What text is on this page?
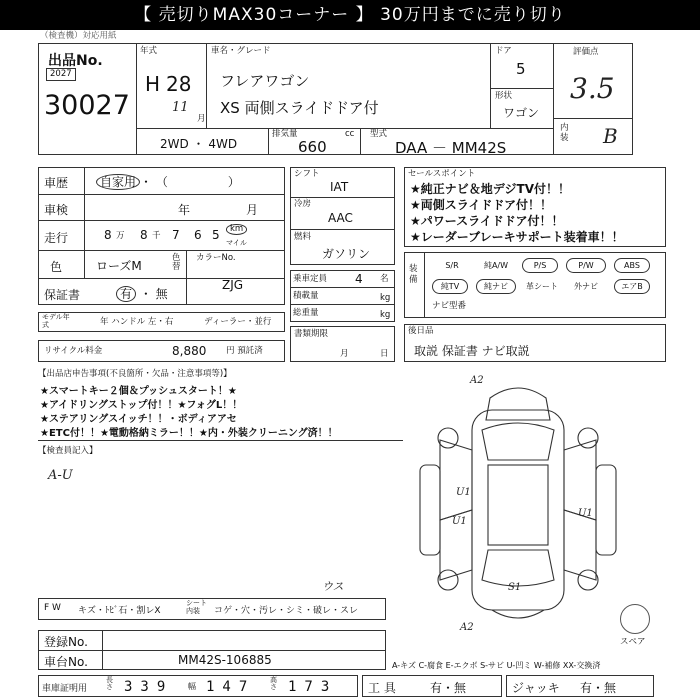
【 売切りMAX30コーナー 】 30万円までに売り切り
（検査機）対応用紙
出品No.
2027
30027
年式
H 28
11
月
車名・グレード
フレアワゴン
XS 両側スライドドア付
ドア
5
形状
ワゴン
評価点
3.5
内装 B
2WD ・ 4WD
排気量	cc
660
型式
DAA － MM42S
車歴	自家用 ・ （　　　　　）
車検	年	月
走行	8 万 8 千 7 6 5	km
マイル
色	ローズM
色替
カラーNo.
ZJG
保証書	有 ・ 無
モデル年式	年 ハンドル 左・右	ディーラー・並行
リサイクル料金	8,880 円 預託済
シフト
IAT
冷房
AAC
燃料
ガソリン
乗車定員 4 名
積載量	kg
総重量	kg
書類期限
月	日
セールスポイント
★純正ナビ＆地デジTV付！！
★両側スライドドア付！！
★パワースライドドア付！！
★レーダーブレーキサポート装着車！！
装備
S/R	純A/W	P/S	P/W	ABS
純TV	純ナビ	革シート	外ナビ	エアB
ナビ型番
後日品
取説 保証書 ナビ取説
【出品店申告事項(不良箇所・欠品・注意事項等)】
★スマートキー２個＆プッシュスタート！★
★アイドリングストップ付！！★フォグL！！
★ステアリングスイッチ！！・ボディアアセ
★ETC付！！★電動格納ミラー！！★内・外装クリーニング済！！
【検査員記入】
A-U
A2
U1
U1
U1
S1
ウス
A2
スペア
F W キズ・ﾄﾋﾞ石・割レX
シート内装	コゲ・穴・汚レ・シミ・破レ・スレ
登録No.
車台No.	MM42S-106885	A-キズ C-腐食 E-エクボ S-サビ U-凹ミ W-補修 XX-交換済
車庫証明用
長さ 339 幅 147 高さ 173	工 具	有・無	ジャッキ 有・無
